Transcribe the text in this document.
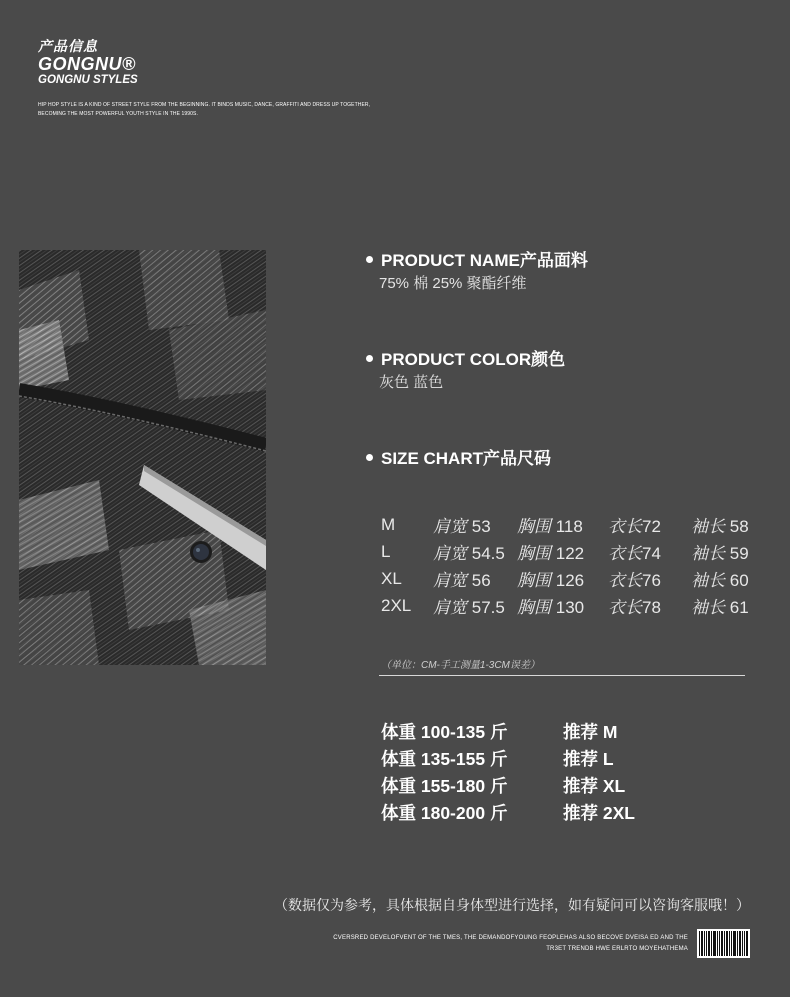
产品信息
GONGNU®
GONGNU STYLES
HIP HOP STYLE IS A KIND OF STREET STYLE FROM THE BEGINNING. IT BINDS MUSIC, DANCE, GRAFFITI AND DRESS UP TOGETHER,
BECOMING THE MOST POWERFUL YOUTH STYLE IN THE 1990S.
PRODUCT NAME产品面料
75% 棉 25% 聚酯纤维
PRODUCT COLOR颜色
灰色 蓝色
SIZE CHART产品尺码
M	肩宽 53	胸围 118	衣长72	袖长 58
L	肩宽 54.5	胸围 122	衣长74	袖长 59
XL	肩宽 56	胸围 126	衣长76	袖长 60
2XL	肩宽 57.5	胸围 130	衣长78	袖长 61
（单位：CM-手工测量1-3CM误差）
体重 100-135 斤	推荐 M
体重 135-155 斤	推荐 L
体重 155-180 斤	推荐 XL
体重 180-200 斤	推荐 2XL
（数据仅为参考，具体根据自身体型进行选择，如有疑问可以咨询客服哦！）
CVERSRED DEVELOFVENT OF THE TMES, THE DEMANDOFYOUNG FEOPLEHAS ALSO BECOVE DVEISA ED AND THE
TR3ET TRENDB HWE ERLRTO MOYEHATHEMA
